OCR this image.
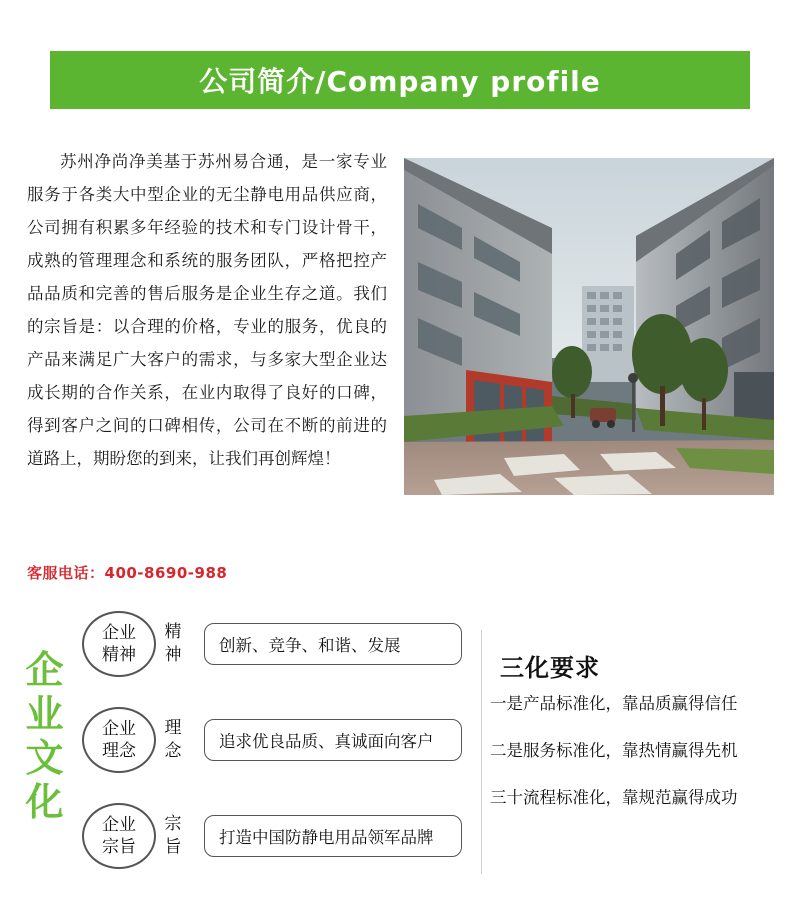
公司简介/Company profile

苏州净尚净美基于苏州易合通，是一家专业服务于各类大中型企业的无尘静电用品供应商，公司拥有积累多年经验的技术和专门设计骨干，成熟的管理理念和系统的服务团队，严格把控产品品质和完善的售后服务是企业生存之道。我们的宗旨是：以合理的价格，专业的服务，优良的产品来满足广大客户的需求，与多家大型企业达成长期的合作关系，在业内取得了良好的口碑，得到客户之间的口碑相传，公司在不断的前进的道路上，期盼您的到来，让我们再创辉煌！

客服电话：400-8690-988
企业文化
企业
精神
精神	创新、竞争、和谐、发展
企业
理念
理念	追求优良品质、真诚面向客户
企业
宗旨
宗旨	打造中国防静电用品领军品牌
三化要求
一是产品标准化，靠品质赢得信任
二是服务标准化，靠热情赢得先机
三十流程标准化，靠规范赢得成功
